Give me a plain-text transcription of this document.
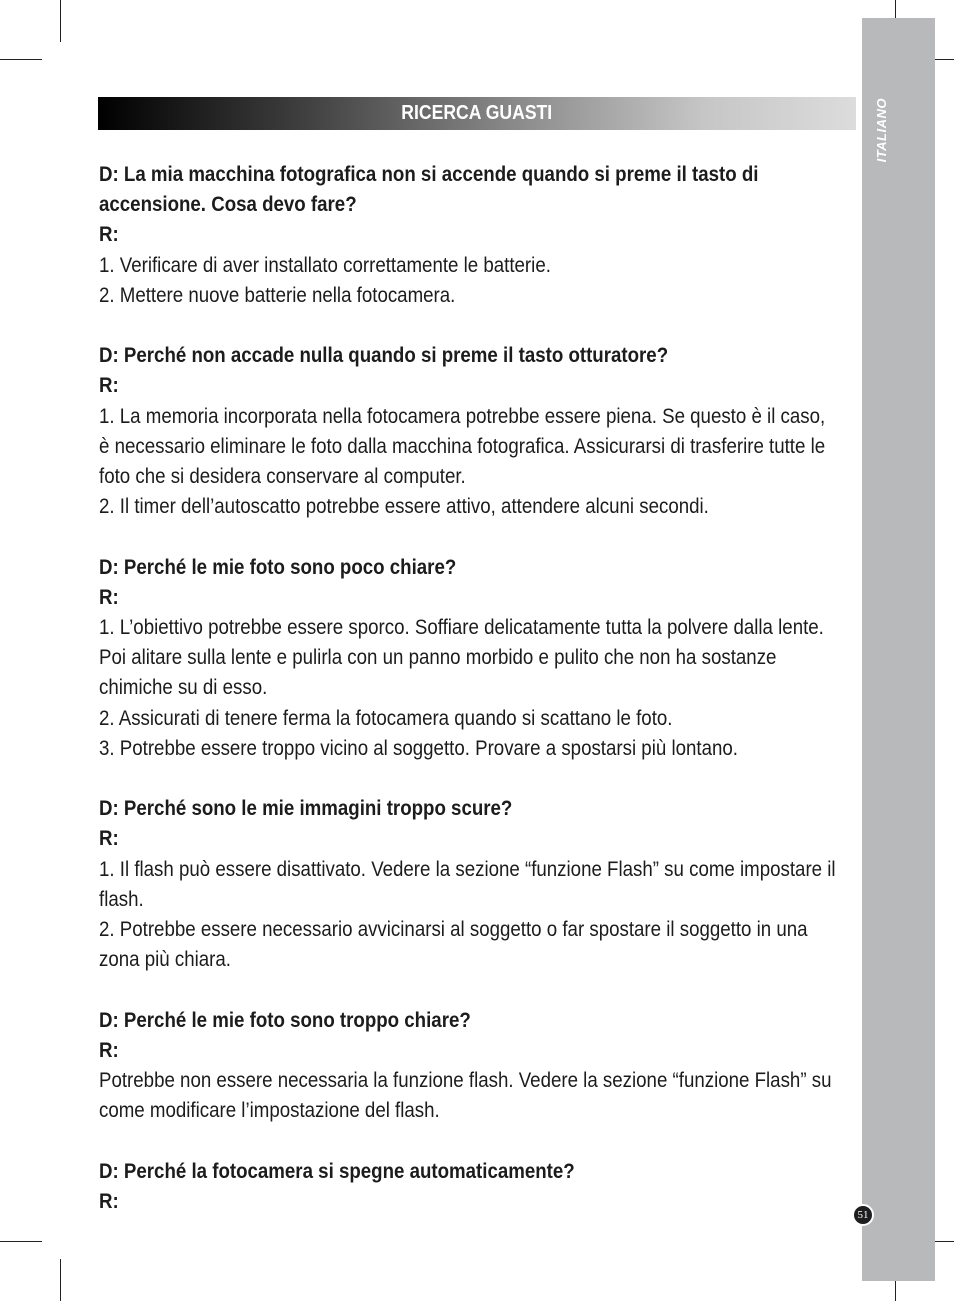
ITALIANO
51
RICERCA GUASTI
D: La mia macchina fotografica non si accende quando si preme il tasto di accensione. Cosa devo fare?
R:
1. Verificare di aver installato correttamente le batterie.
2. Mettere nuove batterie nella fotocamera.
D: Perché non accade nulla quando si preme il tasto otturatore?
R:
1. La memoria incorporata nella fotocamera potrebbe essere piena. Se questo è il caso, è necessario eliminare le foto dalla macchina fotografica. Assicurarsi di trasferire tutte le foto che si desidera conservare al computer.
2. Il timer dell’autoscatto potrebbe essere attivo, attendere alcuni secondi.
D: Perché le mie foto sono poco chiare?
R:
1. L’obiettivo potrebbe essere sporco. Soffiare delicatamente tutta la polvere dalla lente. Poi alitare sulla lente e pulirla con un panno morbido e pulito che non ha sostanze chimiche su di esso.
2. Assicurati di tenere ferma la fotocamera quando si scattano le foto.
3. Potrebbe essere troppo vicino al soggetto. Provare a spostarsi più lontano.
D: Perché sono le mie immagini troppo scure?
R:
1. Il flash può essere disattivato. Vedere la sezione “funzione Flash” su come impostare il flash.
2. Potrebbe essere necessario avvicinarsi al soggetto o far spostare il soggetto in una zona più chiara.
D: Perché le mie foto sono troppo chiare?
R:
Potrebbe non essere necessaria la funzione flash. Vedere la sezione “funzione Flash” su come modificare l’impostazione del flash.
D: Perché la fotocamera si spegne automaticamente?
R:
